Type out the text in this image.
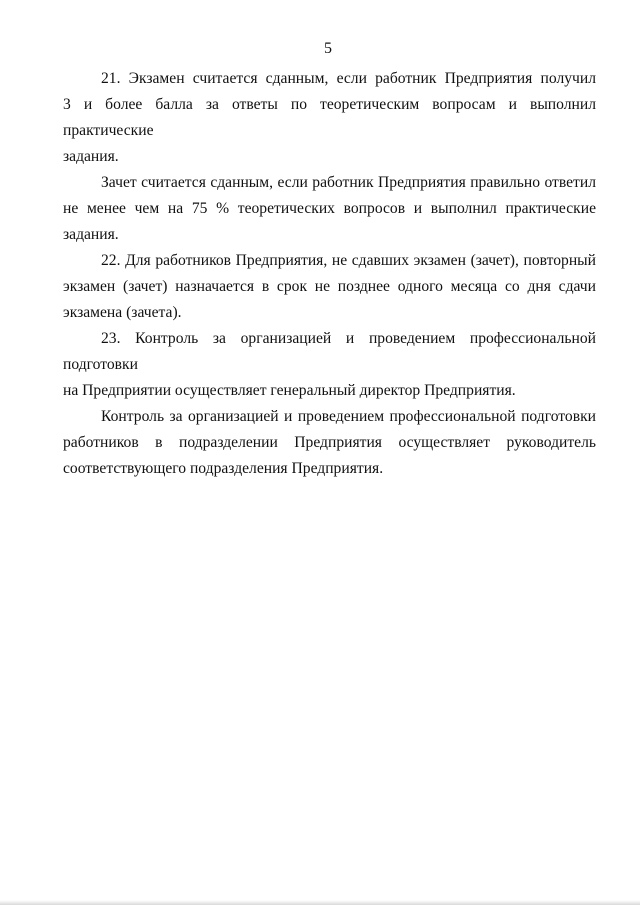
5
21. Экзамен считается сданным, если работник Предприятия получил
3 и более балла за ответы по теоретическим вопросам и выполнил практические
задания.
Зачет считается сданным, если работник Предприятия правильно ответил
не менее чем на 75 % теоретических вопросов и выполнил практические задания.
22. Для работников Предприятия, не сдавших экзамен (зачет), повторный
экзамен (зачет) назначается в срок не позднее одного месяца со дня сдачи
экзамена (зачета).
23. Контроль за организацией и проведением профессиональной подготовки
на Предприятии осуществляет генеральный директор Предприятия.
Контроль за организацией и проведением профессиональной подготовки
работников в подразделении Предприятия осуществляет руководитель
соответствующего подразделения Предприятия.
